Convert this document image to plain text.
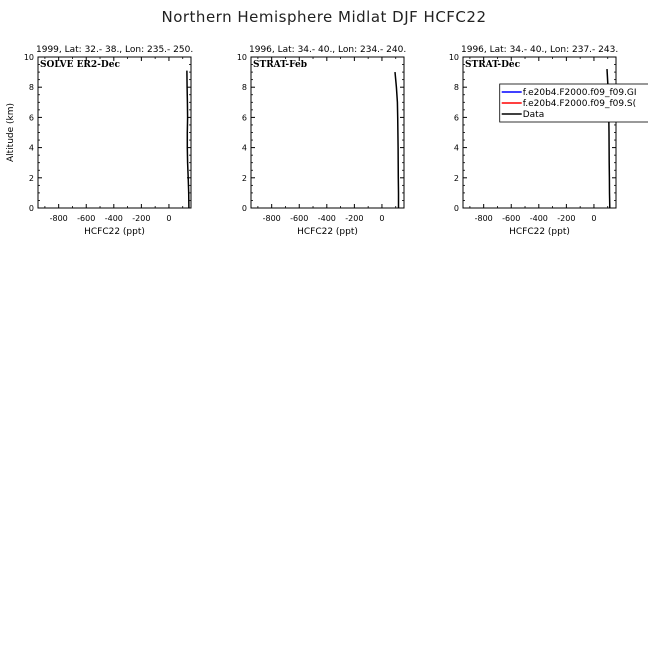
Northern Hemisphere Midlat DJF HCFC22
1999, Lat: 32.- 38., Lon: 235.- 250.
SOLVE ER2-Dec
0
2
4
6
8
10
-800 -600 -400 -200 0
HCFC22 (ppt)
Altitude (km)
1996, Lat: 34.- 40., Lon: 234.- 240.
STRAT-Feb
0
2
4
6
8
10
-800 -600 -400 -200 0
HCFC22 (ppt)
1996, Lat: 34.- 40., Lon: 237.- 243.
STRAT-Dec
0
2
4
6
8
10
-800 -600 -400 -200 0
HCFC22 (ppt)
f.e20b4.F2000.f09_f09.GI
f.e20b4.F2000.f09_f09.S(
Data
